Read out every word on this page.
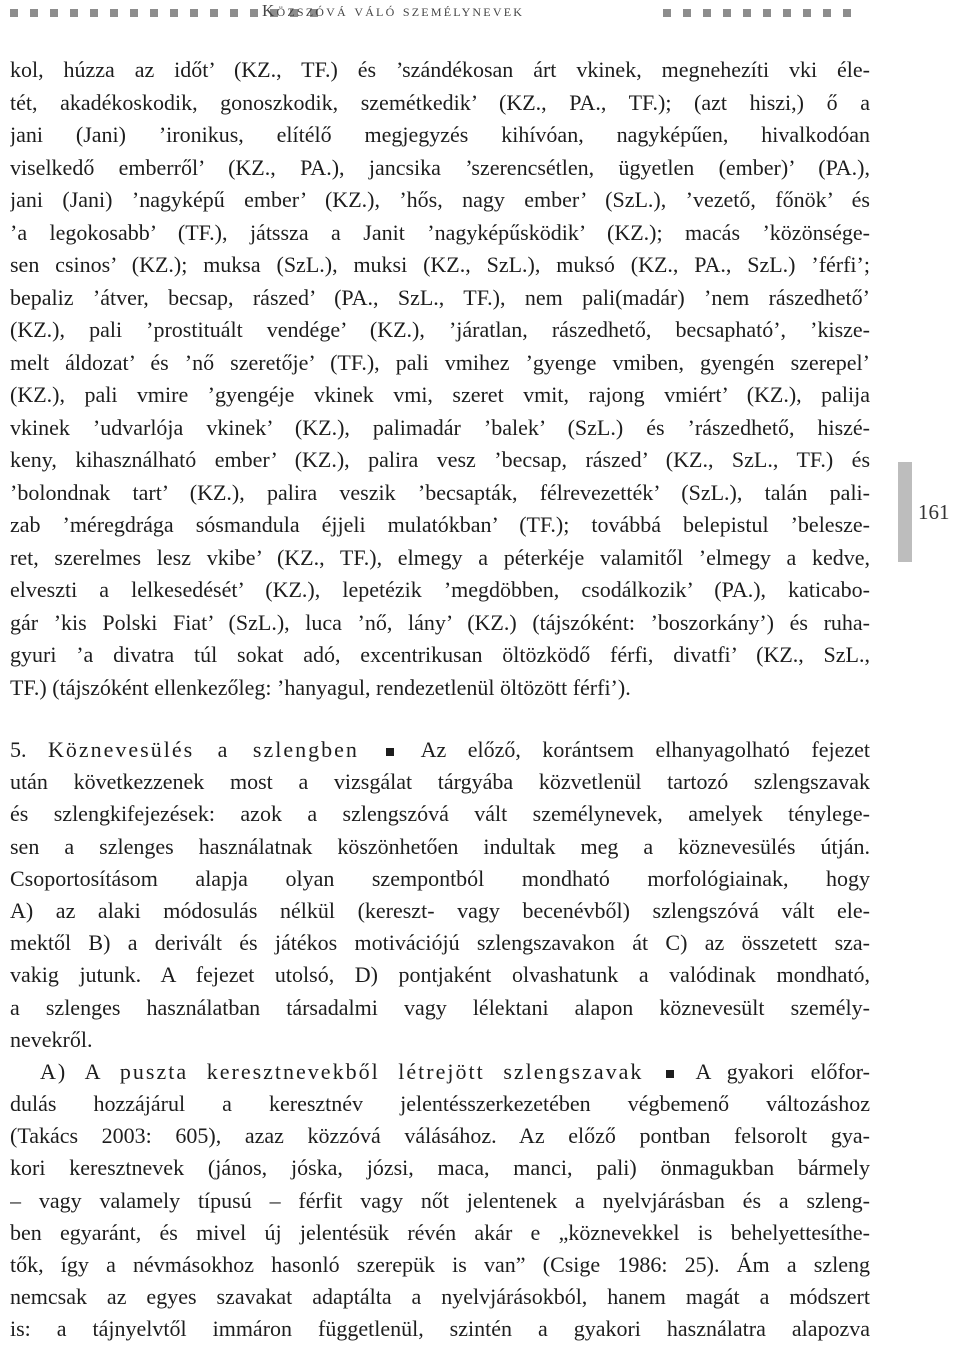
Közszóvá váló személynevek
kol, húzza az időt’ (KZ., TF.) és ’szándékosan árt vkinek, megnehezíti vki éle-
tét, akadékoskodik, gonoszkodik, szemétkedik’ (KZ., PA., TF.); (azt hiszi,) ő a
jani (Jani) ’ironikus, elítélő megjegyzés kihívóan, nagyképűen, hivalkodóan
viselkedő emberről’ (KZ., PA.), jancsika ’szerencsétlen, ügyetlen (ember)’ (PA.),
jani (Jani) ’nagyképű ember’ (KZ.), ’hős, nagy ember’ (SzL.), ’vezető, főnök’ és
’a legokosabb’ (TF.), játssza a Janit ’nagyképűsködik’ (KZ.); macás ’közönsége-
sen csinos’ (KZ.); muksa (SzL.), muksi (KZ., SzL.), muksó (KZ., PA., SzL.) ’férfi’;
bepaliz ’átver, becsap, rászed’ (PA., SzL., TF.), nem pali(madár) ’nem rászedhető’
(KZ.), pali ’prostituált vendége’ (KZ.), ’járatlan, rászedhető, becsapható’, ’kisze-
melt áldozat’ és ’nő szeretője’ (TF.), pali vmihez ’gyenge vmiben, gyengén szerepel’
(KZ.), pali vmire ’gyengéje vkinek vmi, szeret vmit, rajong vmiért’ (KZ.), palija
vkinek ’udvarlója vkinek’ (KZ.), palimadár ’balek’ (SzL.) és ’rászedhető, hiszé-
keny, kihasználható ember’ (KZ.), palira vesz ’becsap, rászed’ (KZ., SzL., TF.) és
’bolondnak tart’ (KZ.), palira veszik ’becsapták, félrevezették’ (SzL.), talán pali-
zab ’méregdrága sósmandula éjjeli mulatókban’ (TF.); továbbá belepistul ’belesze-
ret, szerelmes lesz vkibe’ (KZ., TF.), elmegy a péterkéje valamitől ’elmegy a kedve,
elveszti a lelkesedését’ (KZ.), lepetézik ’megdöbben, csodálkozik’ (PA.), katicabo-
gár ’kis Polski Fiat’ (SzL.), luca ’nő, lány’ (KZ.) (tájszóként: ’boszorkány’) és ruha-
gyuri ’a divatra túl sokat adó, excentrikusan öltözködő férfi, divatfi’ (KZ., SzL.,
TF.) (tájszóként ellenkezőleg: ’hanyagul, rendezetlenül öltözött férfi’).
5. Köznevesülés a szlengben	Az előző, korántsem elhanyagolható fejezet
után következzenek most a vizsgálat tárgyába közvetlenül tartozó szlengszavak
és szlengkifejezések: azok a szlengszóvá vált személynevek, amelyek ténylege-
sen a szlenges használatnak köszönhetően indultak meg a köznevesülés útján.
Csoportosításom alapja olyan szempontból mondható morfológiainak, hogy
A) az alaki módosulás nélkül (kereszt- vagy becenévből) szlengszóvá vált ele-
mektől B) a derivált és játékos motivációjú szlengszavakon át C) az összetett sza-
vakig jutunk. A fejezet utolsó, D) pontjaként olvashatunk a valódinak mondható,
a szlenges használatban társadalmi vagy lélektani alapon köznevesült személy-
nevekről.
A) A puszta keresztnevekből létrejött szlengszavak A gyakori előfor-
dulás hozzájárul a keresztnév jelentésszerkezetében végbemenő változáshoz
(Takács 2003: 605), azaz közzóvá válásához. Az előző pontban felsorolt gya-
kori keresztnevek (jános, jóska, józsi, maca, manci, pali) önmagukban bármely
– vagy valamely típusú – férfit vagy nőt jelentenek a nyelvjárásban és a szleng-
ben egyaránt, és mivel új jelentésük révén akár e „köznevekkel is behelyettesíthe-
tők, így a névmásokhoz hasonló szerepük is van” (Csige 1986: 25). Ám a szleng
nemcsak az egyes szavakat adaptálta a nyelvjárásokból, hanem magát a módszert
is: a tájnyelvtől immáron függetlenül, szintén a gyakori használatra alapozva
161
